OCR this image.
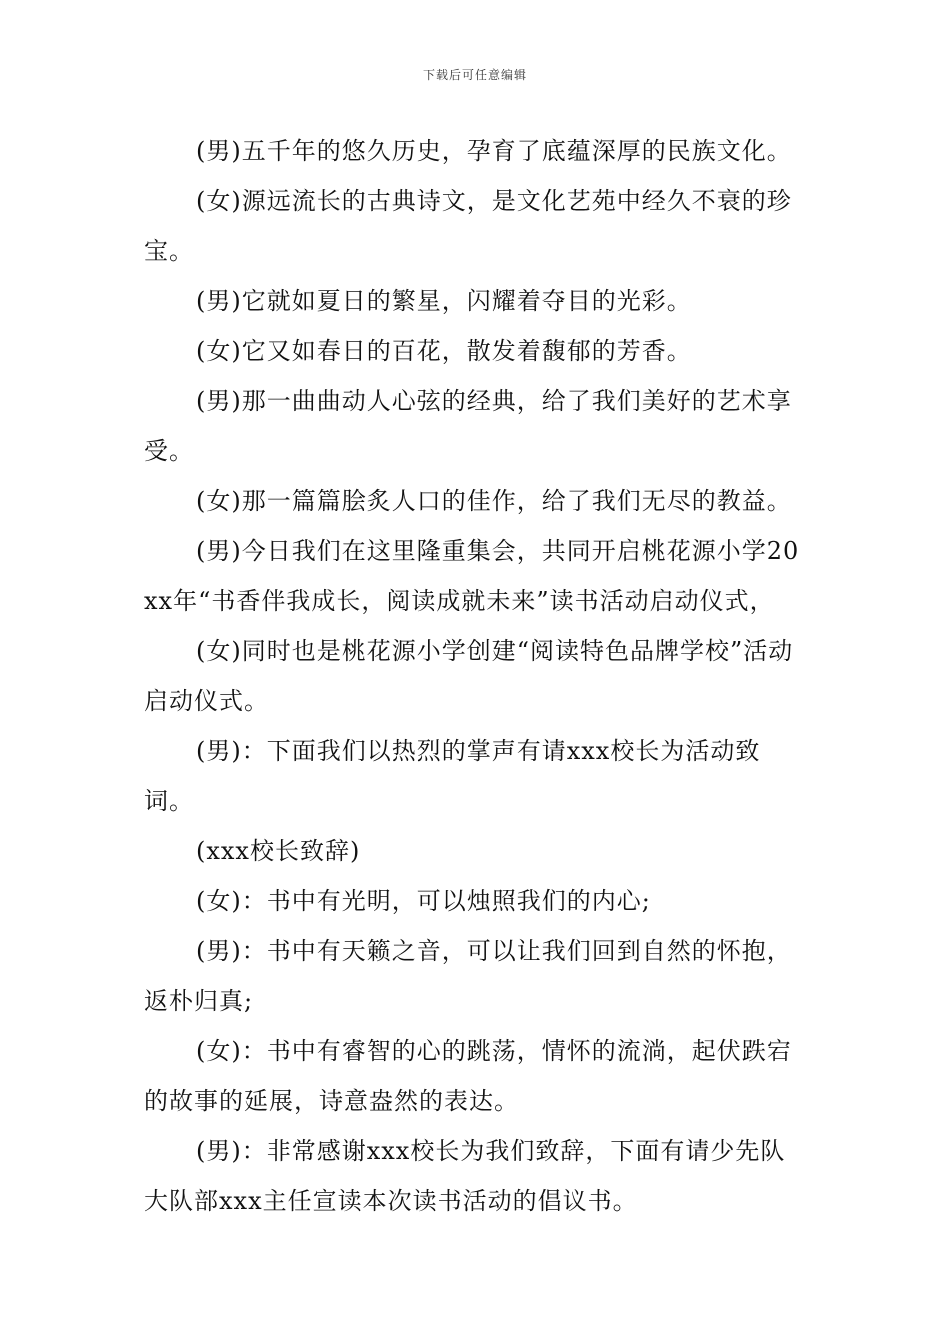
下载后可任意编辑

(男)五千年的悠久历史，孕育了底蕴深厚的民族文化。

(女)源远流长的古典诗文，是文化艺苑中经久不衰的珍宝。

(男)它就如夏日的繁星，闪耀着夺目的光彩。

(女)它又如春日的百花，散发着馥郁的芳香。

(男)那一曲曲动人心弦的经典，给了我们美好的艺术享受。

(女)那一篇篇脍炙人口的佳作，给了我们无尽的教益。

(男)今日我们在这里隆重集会，共同开启桃花源小学20xx年“书香伴我成长，阅读成就未来”读书活动启动仪式，

(女)同时也是桃花源小学创建“阅读特色品牌学校”活动启动仪式。

(男)：下面我们以热烈的掌声有请xxx校长为活动致词。

(xxx校长致辞)

(女)：书中有光明，可以烛照我们的内心;

(男)：书中有天籁之音，可以让我们回到自然的怀抱，返朴归真;

(女)：书中有睿智的心的跳荡，情怀的流淌，起伏跌宕的故事的延展，诗意盎然的表达。

(男)：非常感谢xxx校长为我们致辞，下面有请少先队大队部xxx主任宣读本次读书活动的倡议书。
